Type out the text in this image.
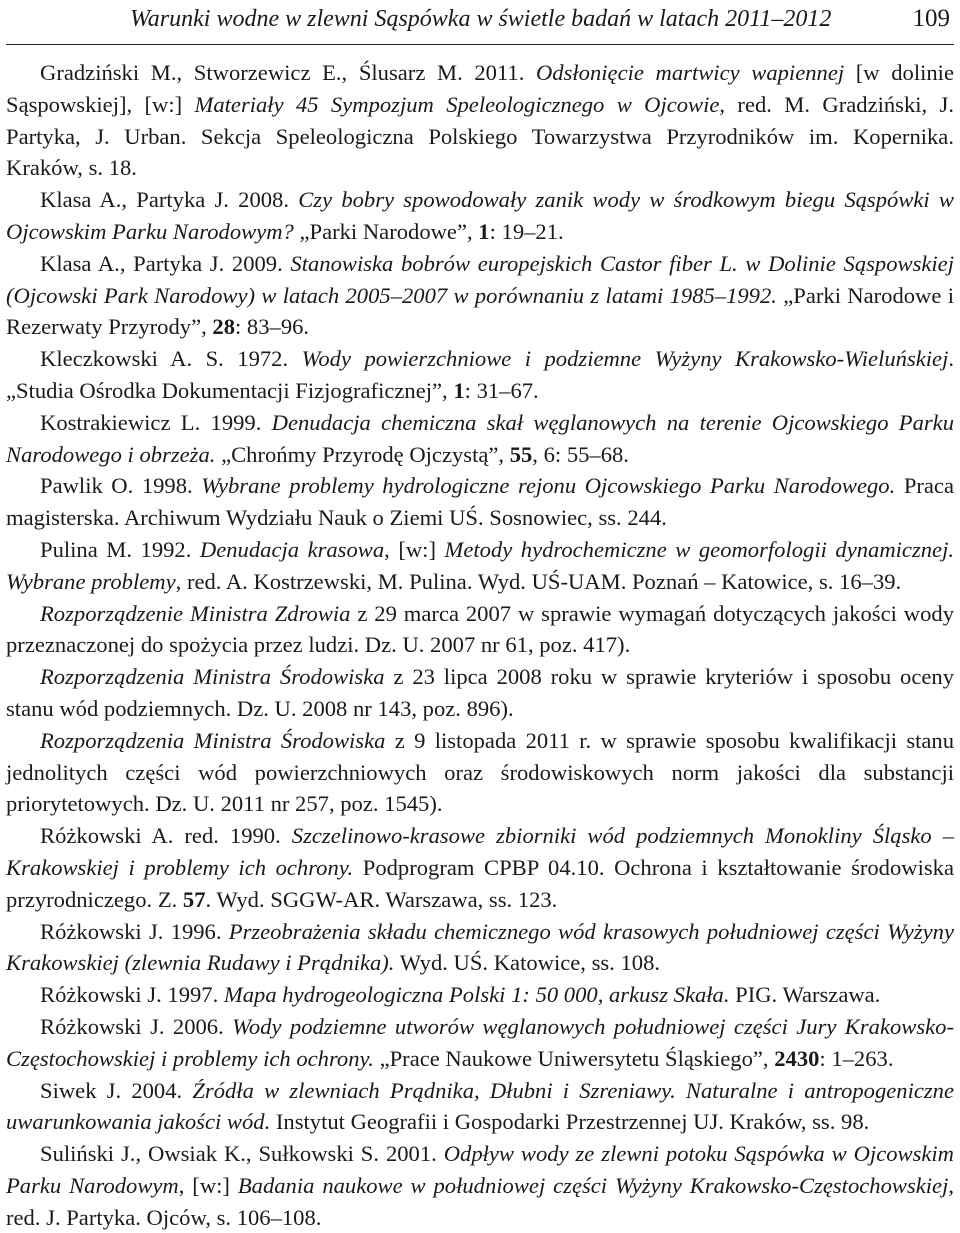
Warunki wodne w zlewni Sąspówka w świetle badań w latach 2011–2012	109

Gradziński M., Stworzewicz E., Ślusarz M. 2011. Odsłonięcie martwicy wapiennej [w dolinie Sąspowskiej], [w:] Materiały 45 Sympozjum Speleologicznego w Ojcowie, red. M. Gradziński, J. Partyka, J. Urban. Sekcja Speleologiczna Polskiego Towarzystwa Przyrodników im. Kopernika. Kraków, s. 18.

Klasa A., Partyka J. 2008. Czy bobry spowodowały zanik wody w środkowym biegu Sąspówki w Ojcowskim Parku Narodowym? „Parki Narodowe”, 1: 19–21.

Klasa A., Partyka J. 2009. Stanowiska bobrów europejskich Castor fiber L. w Dolinie Sąspowskiej (Ojcowski Park Narodowy) w latach 2005–2007 w porównaniu z latami 1985–1992. „Parki Narodowe i Rezerwaty Przyrody”, 28: 83–96.

Kleczkowski A. S. 1972. Wody powierzchniowe i podziemne Wyżyny Krakowsko-Wieluńskiej. „Studia Ośrodka Dokumentacji Fizjograficznej”, 1: 31–67.

Kostrakiewicz L. 1999. Denudacja chemiczna skał węglanowych na terenie Ojcowskiego Parku Narodowego i obrzeża. „Chrońmy Przyrodę Ojczystą”, 55, 6: 55–68.

Pawlik O. 1998. Wybrane problemy hydrologiczne rejonu Ojcowskiego Parku Narodowego. Praca magisterska. Archiwum Wydziału Nauk o Ziemi UŚ. Sosnowiec, ss. 244.

Pulina M. 1992. Denudacja krasowa, [w:] Metody hydrochemiczne w geomorfologii dynamicznej. Wybrane problemy, red. A. Kostrzewski, M. Pulina. Wyd. UŚ-UAM. Poznań – Katowice, s. 16–39.

Rozporządzenie Ministra Zdrowia z 29 marca 2007 w sprawie wymagań dotyczących jakości wody przeznaczonej do spożycia przez ludzi. Dz. U. 2007 nr 61, poz. 417).

Rozporządzenia Ministra Środowiska z 23 lipca 2008 roku w sprawie kryteriów i sposobu oceny stanu wód podziemnych. Dz. U. 2008 nr 143, poz. 896).

Rozporządzenia Ministra Środowiska z 9 listopada 2011 r. w sprawie sposobu kwalifikacji stanu jednolitych części wód powierzchniowych oraz środowiskowych norm jakości dla substancji priorytetowych. Dz. U. 2011 nr 257, poz. 1545).

Różkowski A. red. 1990. Szczelinowo-krasowe zbiorniki wód podziemnych Monokliny Śląsko – Krakowskiej i problemy ich ochrony. Podprogram CPBP 04.10. Ochrona i kształtowanie środowiska przyrodniczego. Z. 57. Wyd. SGGW-AR. Warszawa, ss. 123.

Różkowski J. 1996. Przeobrażenia składu chemicznego wód krasowych południowej części Wyżyny Krakowskiej (zlewnia Rudawy i Prądnika). Wyd. UŚ. Katowice, ss. 108.

Różkowski J. 1997. Mapa hydrogeologiczna Polski 1: 50 000, arkusz Skała. PIG. Warszawa.

Różkowski J. 2006. Wody podziemne utworów węglanowych południowej części Jury Krakowsko-Częstochowskiej i problemy ich ochrony. „Prace Naukowe Uniwersytetu Śląskiego”, 2430: 1–263.

Siwek J. 2004. Źródła w zlewniach Prądnika, Dłubni i Szreniawy. Naturalne i antropogeniczne uwarunkowania jakości wód. Instytut Geografii i Gospodarki Przestrzennej UJ. Kraków, ss. 98.

Suliński J., Owsiak K., Sułkowski S. 2001. Odpływ wody ze zlewni potoku Sąspówka w Ojcowskim Parku Narodowym, [w:] Badania naukowe w południowej części Wyżyny Krakowsko-Częstochowskiej, red. J. Partyka. Ojców, s. 106–108.
